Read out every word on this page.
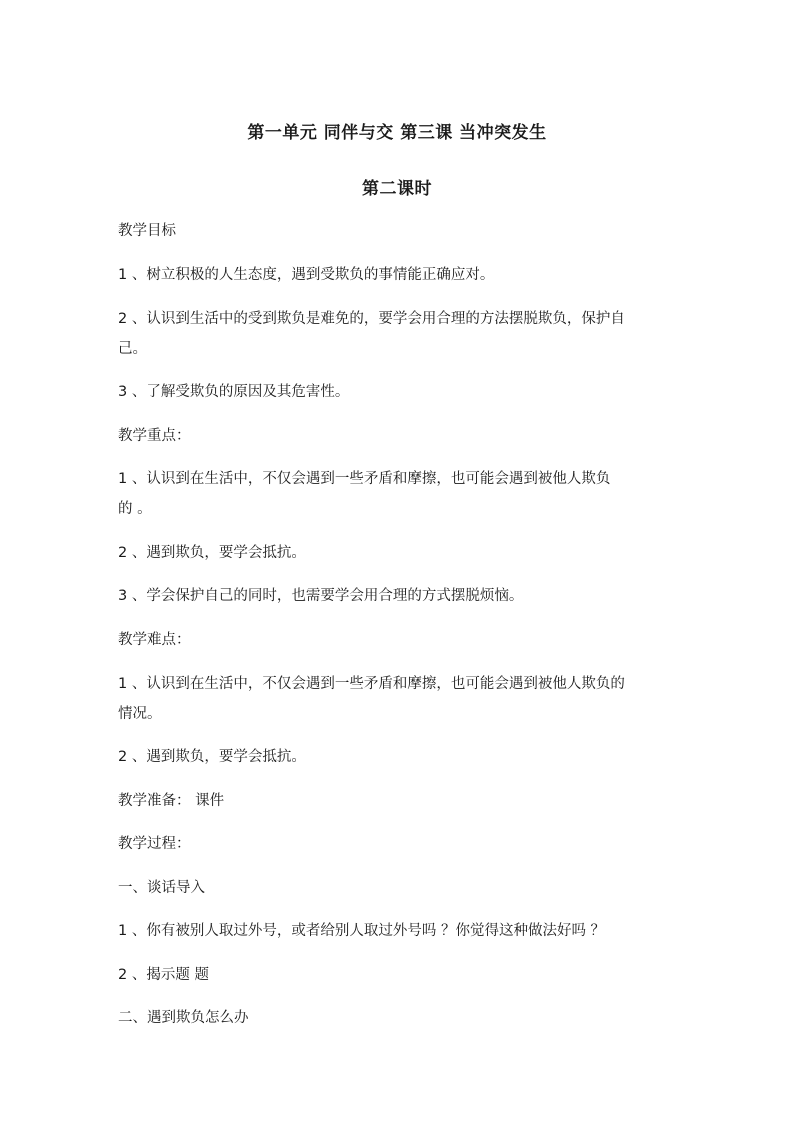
第一单元 同伴与交 第三课 当冲突发生
第二课时
教学目标
1 、树立积极的人生态度，遇到受欺负的事情能正确应对。
2 、认识到生活中的受到欺负是难免的，要学会用合理的方法摆脱欺负，保护自
己。
3 、了解受欺负的原因及其危害性。
教学重点：
1 、认识到在生活中，不仅会遇到一些矛盾和摩擦，也可能会遇到被他人欺负
的 。
2 、遇到欺负，要学会抵抗。
3 、学会保护自己的同时，也需要学会用合理的方式摆脱烦恼。
教学难点：
1 、认识到在生活中，不仅会遇到一些矛盾和摩擦，也可能会遇到被他人欺负的
情况。
2 、遇到欺负，要学会抵抗。
教学准备： 课件
教学过程：
一、谈话导入
1 、你有被别人取过外号，或者给别人取过外号吗 ？你觉得这种做法好吗 ？
2 、揭示题 题
二、遇到欺负怎么办
